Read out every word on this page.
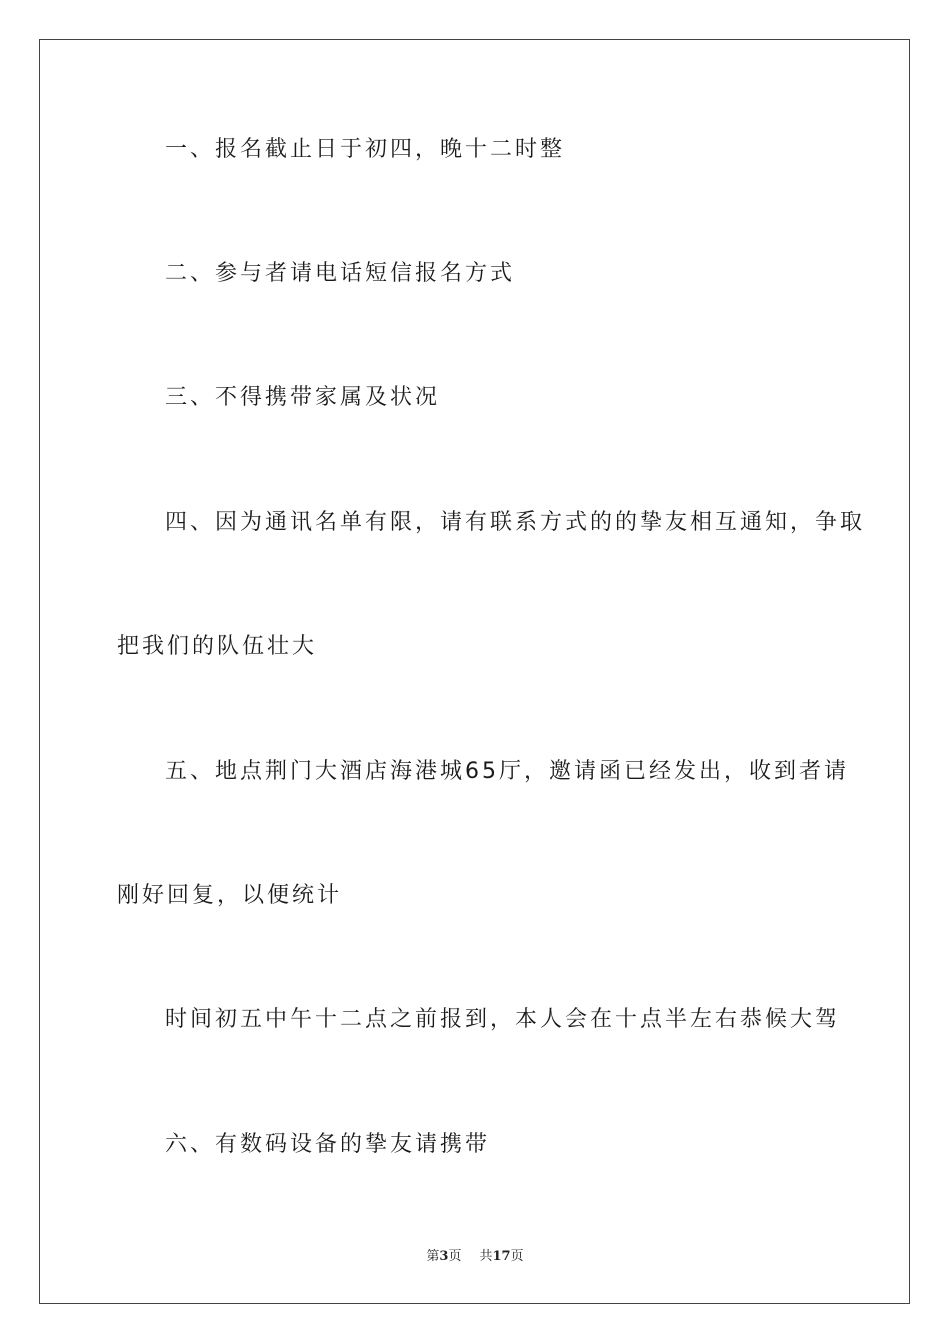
一、报名截止日于初四，晚十二时整
二、参与者请电话短信报名方式
三、不得携带家属及状况
四、因为通讯名单有限，请有联系方式的的挚友相互通知，争取
把我们的队伍壮大
五、地点荆门大酒店海港城65厅，邀请函已经发出，收到者请
刚好回复，以便统计
时间初五中午十二点之前报到，本人会在十点半左右恭候大驾
六、有数码设备的挚友请携带
第3页 共17页
